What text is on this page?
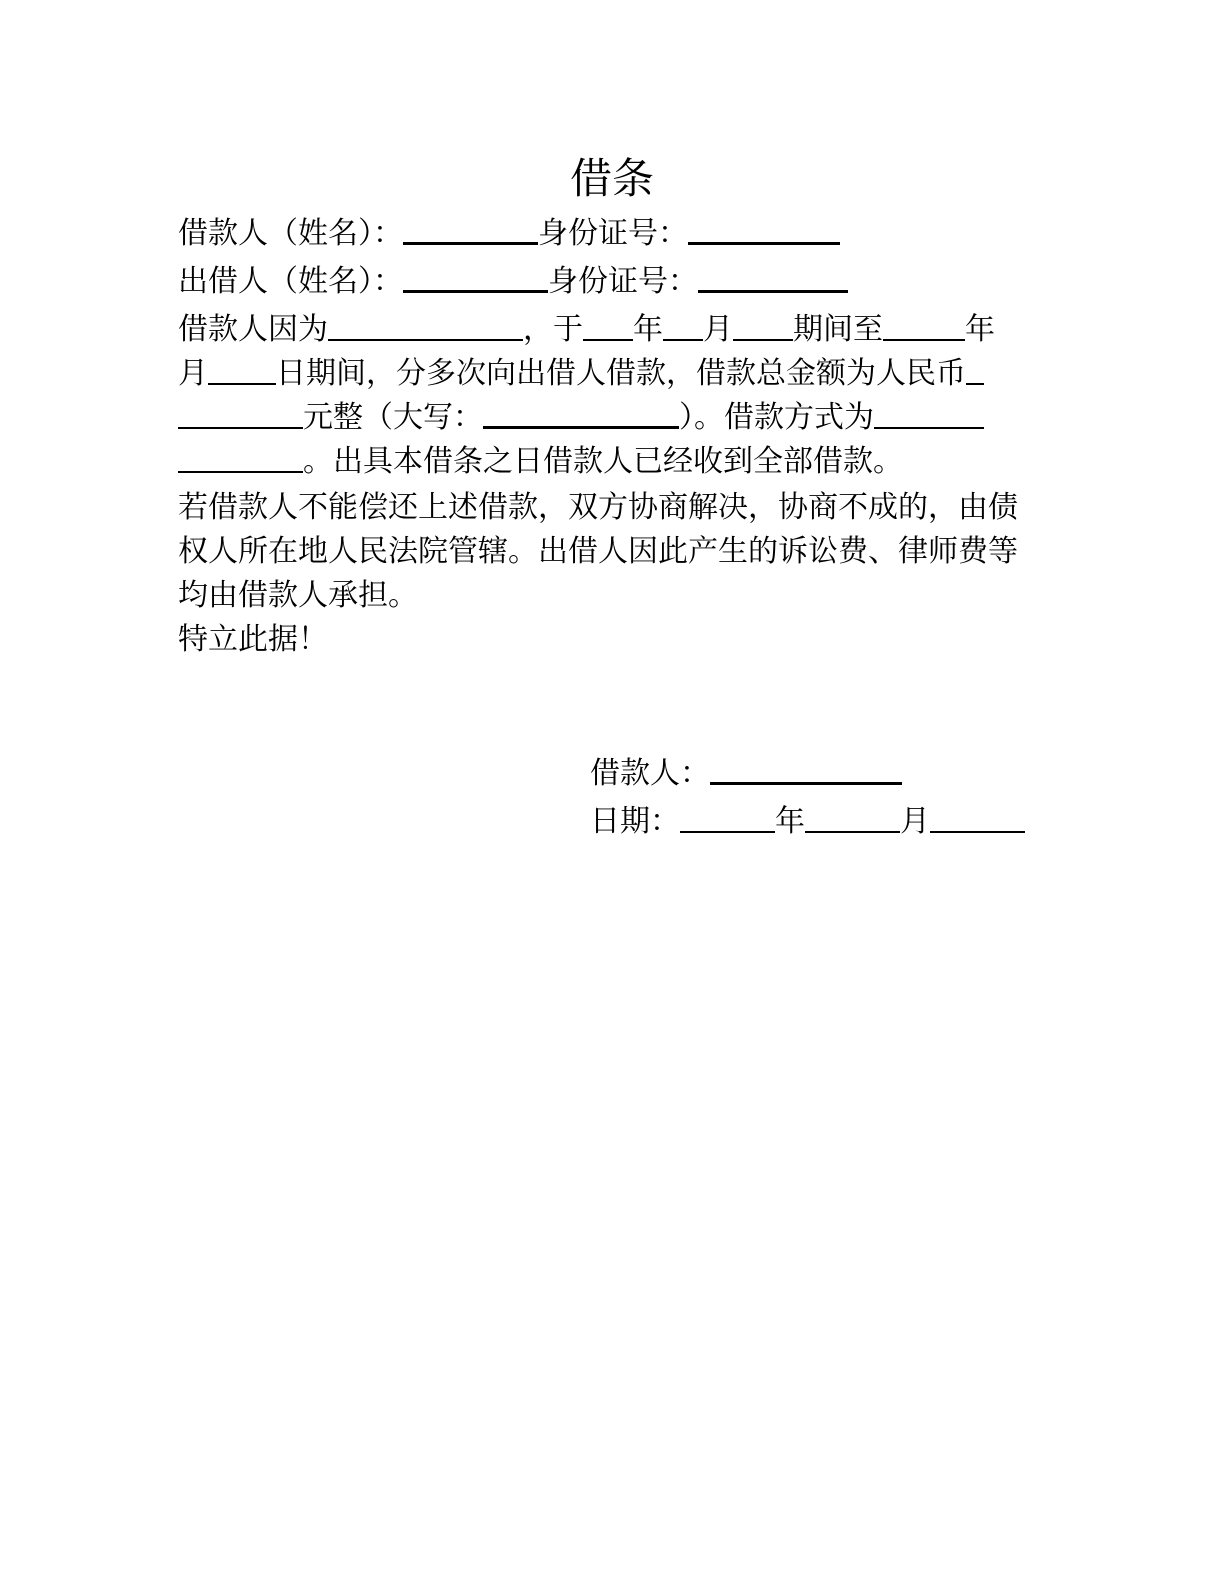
借条
借款人（姓名）：	身份证号：
出借人（姓名）：	身份证号：
借款人因为	，于 年 月 期间至	年
月 日期间，分多次向出借人借款，借款总金额为人民币
元整（大写：	）。借款方式为
。出具本借条之日借款人已经收到全部借款。
若借款人不能偿还上述借款，双方协商解决，协商不成的，由债权人所在地人民法院管辖。出借人因此产生的诉讼费、律师费等均由借款人承担。
特立此据！
借款人：
日期：	年	月
